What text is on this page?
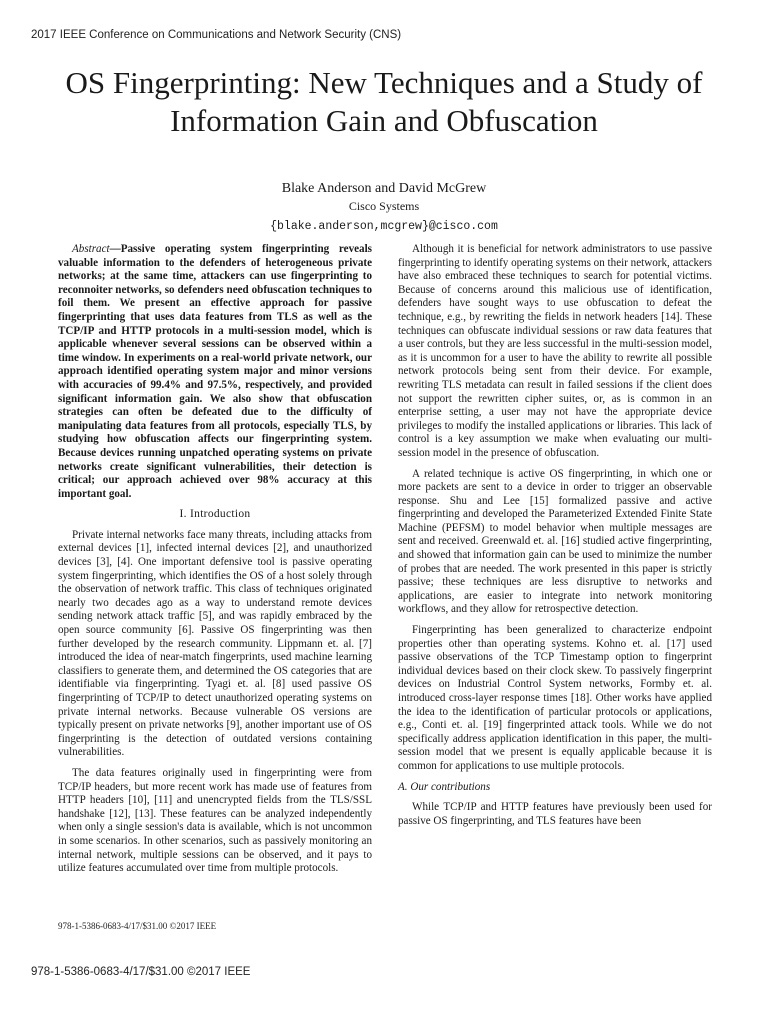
2017 IEEE Conference on Communications and Network Security (CNS)
OS Fingerprinting: New Techniques and a Study of
Information Gain and Obfuscation
Blake Anderson and David McGrew
Cisco Systems
{blake.anderson,mcgrew}@cisco.com

Abstract—Passive operating system fingerprinting reveals valuable information to the defenders of heterogeneous private networks; at the same time, attackers can use fingerprinting to reconnoiter networks, so defenders need obfuscation techniques to foil them. We present an effective approach for passive fingerprinting that uses data features from TLS as well as the TCP/IP and HTTP protocols in a multi-session model, which is applicable whenever several sessions can be observed within a time window. In experiments on a real-world private network, our approach identified operating system major and minor versions with accuracies of 99.4% and 97.5%, respectively, and provided significant information gain. We also show that obfuscation strategies can often be defeated due to the difficulty of manipulating data features from all protocols, especially TLS, by studying how obfuscation affects our fingerprinting system. Because devices running unpatched operating systems on private networks create significant vulnerabilities, their detection is critical; our approach achieved over 98% accuracy at this important goal.

I. Introduction

Private internal networks face many threats, including attacks from external devices [1], infected internal devices [2], and unauthorized devices [3], [4]. One important defensive tool is passive operating system fingerprinting, which identifies the OS of a host solely through the observation of network traffic. This class of techniques originated nearly two decades ago as a way to understand remote devices sending network attack traffic [5], and was rapidly embraced by the open source community [6]. Passive OS fingerprinting was then further developed by the research community. Lippmann et. al. [7] introduced the idea of near-match fingerprints, used machine learning classifiers to generate them, and determined the OS categories that are identifiable via fingerprinting. Tyagi et. al. [8] used passive OS fingerprinting of TCP/IP to detect unauthorized operating systems on private internal networks. Because vulnerable OS versions are typically present on private networks [9], another important use of OS fingerprinting is the detection of outdated versions containing vulnerabilities.

The data features originally used in fingerprinting were from TCP/IP headers, but more recent work has made use of features from HTTP headers [10], [11] and unencrypted fields from the TLS/SSL handshake [12], [13]. These features can be analyzed independently when only a single session's data is available, which is not uncommon in some scenarios. In other scenarios, such as passively monitoring an internal network, multiple sessions can be observed, and it pays to utilize features accumulated over time from multiple protocols.

Although it is beneficial for network administrators to use passive fingerprinting to identify operating systems on their network, attackers have also embraced these techniques to search for potential victims. Because of concerns around this malicious use of identification, defenders have sought ways to use obfuscation to defeat the technique, e.g., by rewriting the fields in network headers [14]. These techniques can obfuscate individual sessions or raw data features that a user controls, but they are less successful in the multi-session model, as it is uncommon for a user to have the ability to rewrite all possible network protocols being sent from their device. For example, rewriting TLS metadata can result in failed sessions if the client does not support the rewritten cipher suites, or, as is common in an enterprise setting, a user may not have the appropriate device privileges to modify the installed applications or libraries. This lack of control is a key assumption we make when evaluating our multi-session model in the presence of obfuscation.

A related technique is active OS fingerprinting, in which one or more packets are sent to a device in order to trigger an observable response. Shu and Lee [15] formalized passive and active fingerprinting and developed the Parameterized Extended Finite State Machine (PEFSM) to model behavior when multiple messages are sent and received. Greenwald et. al. [16] studied active fingerprinting, and showed that information gain can be used to minimize the number of probes that are needed. The work presented in this paper is strictly passive; these techniques are less disruptive to networks and applications, are easier to integrate into network monitoring workflows, and they allow for retrospective detection.

Fingerprinting has been generalized to characterize endpoint properties other than operating systems. Kohno et. al. [17] used passive observations of the TCP Timestamp option to fingerprint individual devices based on their clock skew. To passively fingerprint devices on Industrial Control System networks, Formby et. al. introduced cross-layer response times [18]. Other works have applied the idea to the identification of particular protocols or applications, e.g., Conti et. al. [19] fingerprinted attack tools. While we do not specifically address application identification in this paper, the multi-session model that we present is equally applicable because it is common for applications to use multiple protocols.

A. Our contributions

While TCP/IP and HTTP features have previously been used for passive OS fingerprinting, and TLS features have been

978-1-5386-0683-4/17/$31.00 ©2017 IEEE
978-1-5386-0683-4/17/$31.00 ©2017 IEEE
